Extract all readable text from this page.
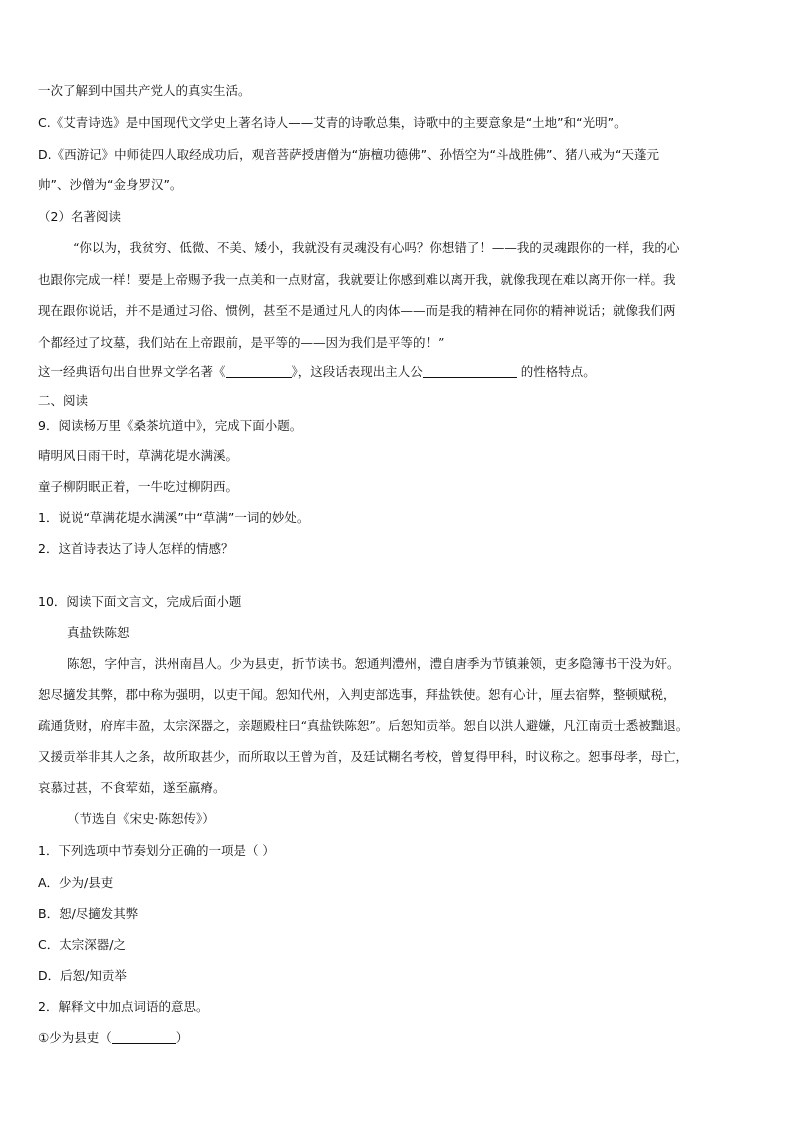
一次了解到中国共产党人的真实生活。
C.《艾青诗选》是中国现代文学史上著名诗人——艾青的诗歌总集，诗歌中的主要意象是“土地”和“光明”。
D.《西游记》中师徒四人取经成功后，观音菩萨授唐僧为“旃檀功德佛”、孙悟空为“斗战胜佛”、猪八戒为“天蓬元
帅”、沙僧为“金身罗汉”。
（2）名著阅读
“你以为，我贫穷、低微、不美、矮小，我就没有灵魂没有心吗？你想错了！——我的灵魂跟你的一样，我的心
也跟你完成一样！要是上帝赐予我一点美和一点财富，我就要让你感到难以离开我，就像我现在难以离开你一样。我
现在跟你说话，并不是通过习俗、惯例，甚至不是通过凡人的肉体——而是我的精神在同你的精神说话；就像我们两
个都经过了坟墓，我们站在上帝跟前，是平等的——因为我们是平等的！”
这一经典语句出自世界文学名著《	》，这段话表现出主人公	的性格特点。
二、阅读
9．阅读杨万里《桑茶坑道中》，完成下面小题。
晴明风日雨干时，草满花堤水满溪。
童子柳阴眠正着，一牛吃过柳阴西。
1．说说“草满花堤水满溪”中“草满”一词的妙处。
2．这首诗表达了诗人怎样的情感？
10．阅读下面文言文，完成后面小题
真盐铁陈恕
陈恕，字仲言，洪州南昌人。少为县吏，折节读书。恕通判澧州，澧自唐季为节镇兼领，吏多隐簿书干没为奸。
恕尽擿发其弊，郡中称为强明，以吏干闻。恕知代州，入判吏部选事，拜盐铁使。恕有心计，厘去宿弊，整顿赋税，
疏通货财，府库丰盈，太宗深器之，亲题殿柱曰“真盐铁陈恕”。后恕知贡举。恕自以洪人避嫌，凡江南贡士悉被黜退。
又援贡举非其人之条，故所取甚少，而所取以王曾为首，及廷试糊名考校，曾复得甲科，时议称之。恕事母孝，母亡，
哀慕过甚，不食荤茹，遂至羸瘠。
（节选自《宋史·陈恕传》）
1．下列选项中节奏划分正确的一项是（ ）
A．少为/县吏
B．恕/尽擿发其弊
C．太宗深器/之
D．后恕/知贡举
2．解释文中加点词语的意思。
①少为县吏（	）
